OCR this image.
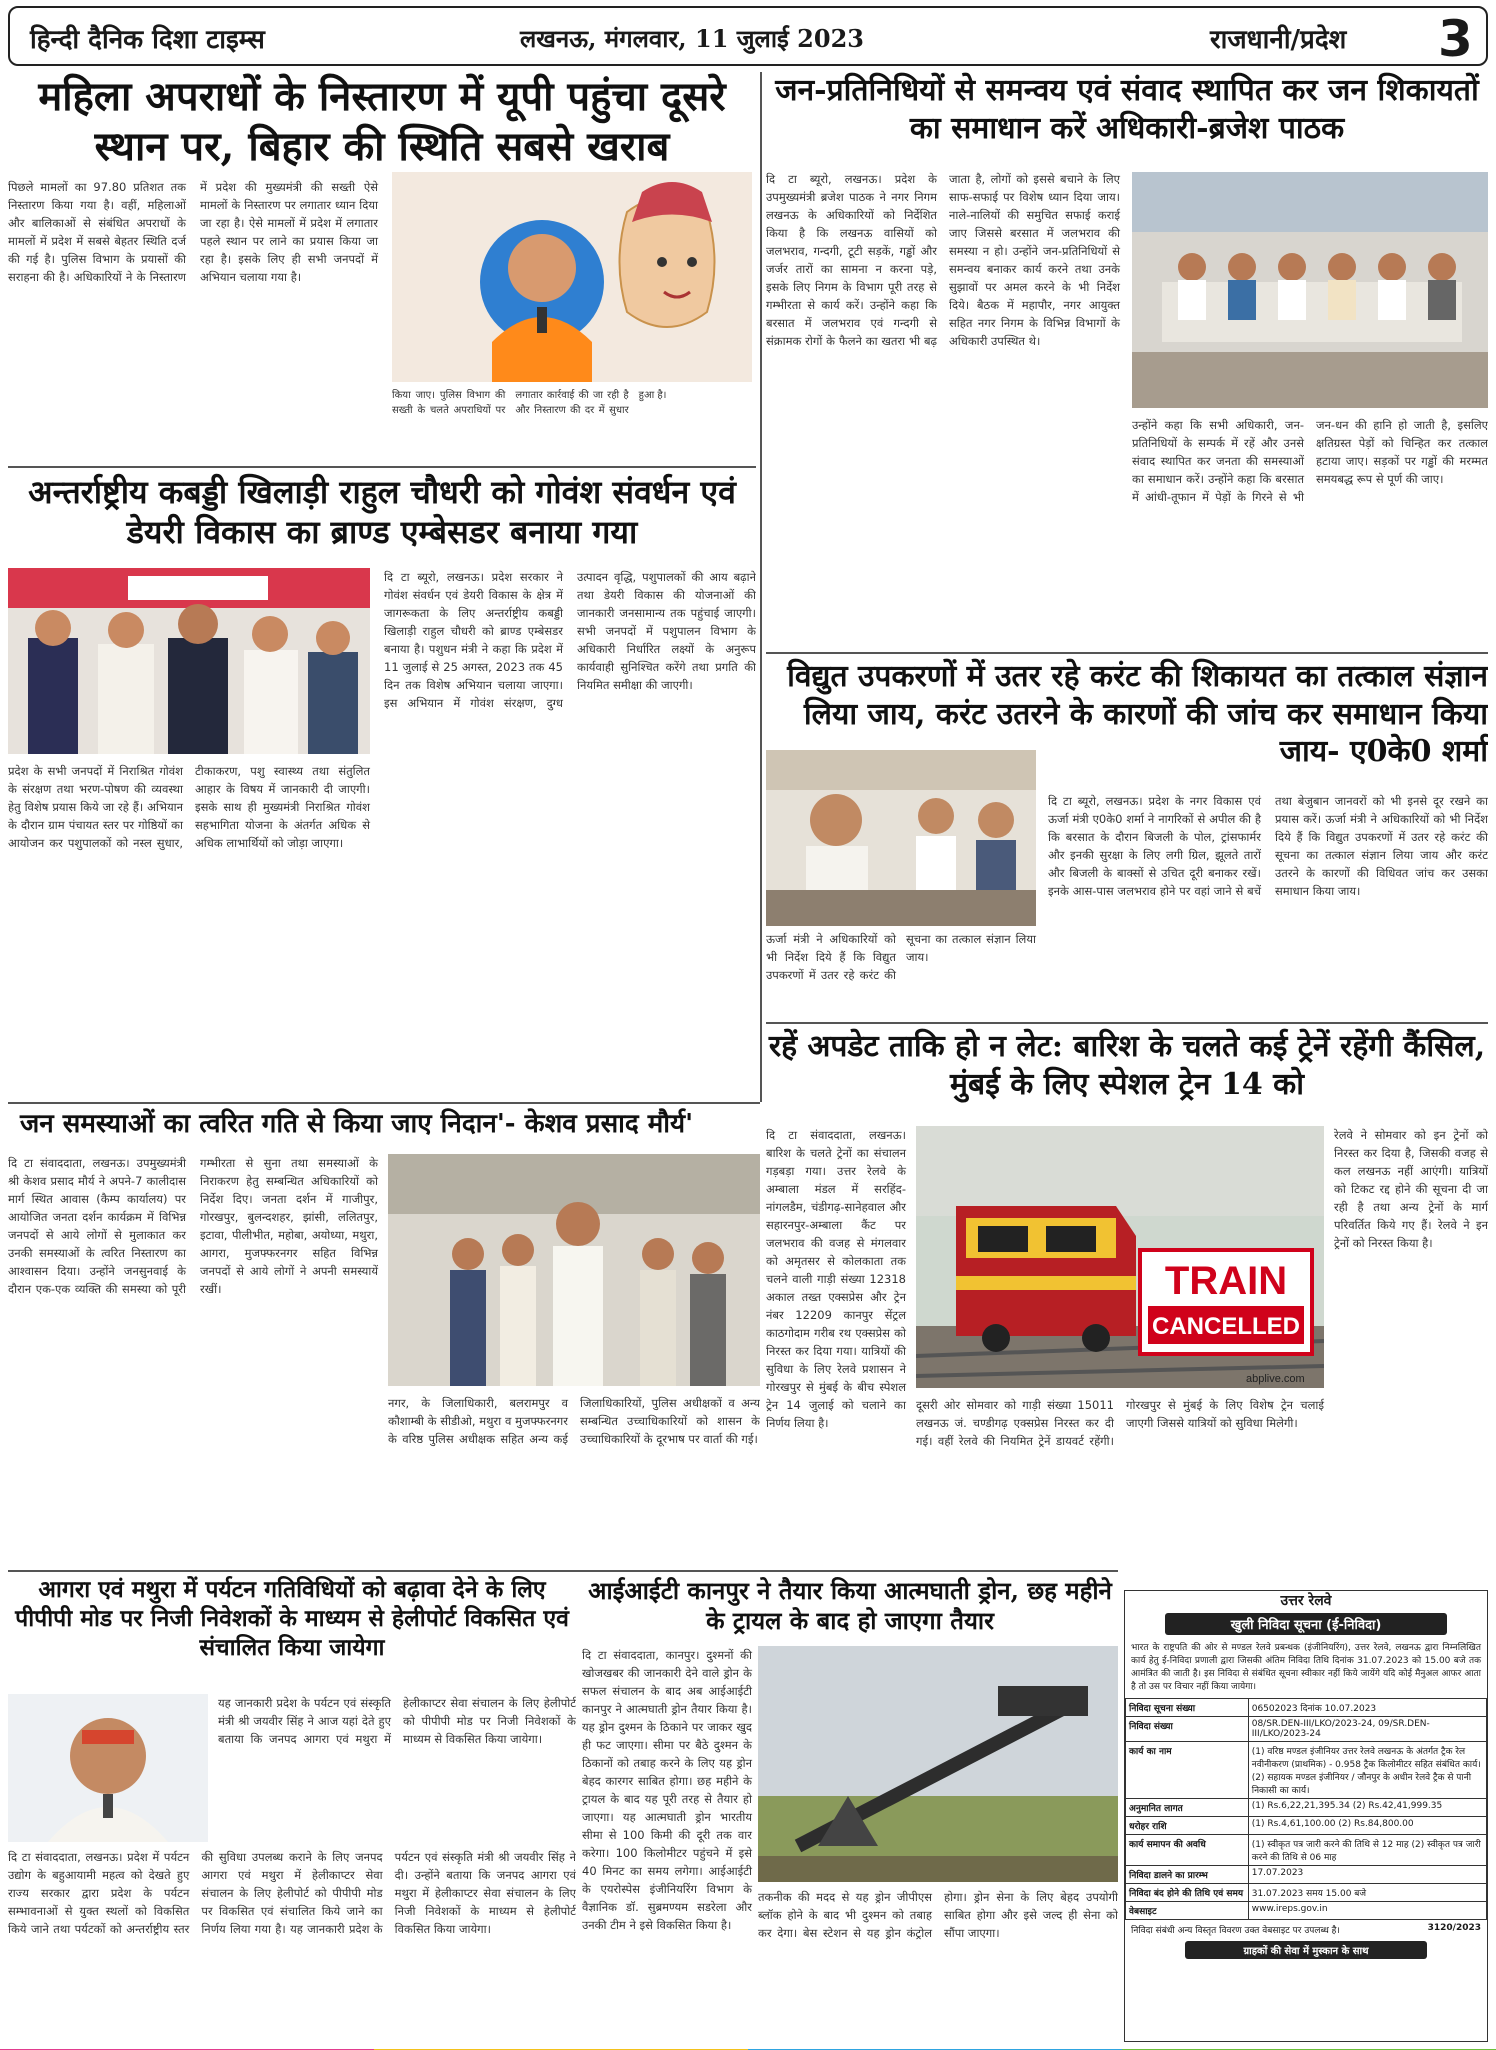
हिन्दी दैनिक दिशा टाइम्स	लखनऊ, मंगलवार, 11 जुलाई 2023	राजधानी/प्रदेश 3
महिला अपराधों के निस्तारण में यूपी पहुंचा दूसरे स्थान पर, बिहार की स्थिति सबसे खराब
पिछले मामलों का 97.80 प्रतिशत तक निस्तारण किया गया है। वहीं, महिलाओं और बालिकाओं से संबंधित अपराधों के मामलों में प्रदेश में सबसे बेहतर स्थिति दर्ज की गई है। पुलिस विभाग के प्रयासों की सराहना की है। अधिकारियों ने के निस्तारण में प्रदेश की मुख्यमंत्री की सख्ती ऐसे मामलों के निस्तारण पर लगातार ध्यान दिया जा रहा है। ऐसे मामलों में प्रदेश में लगातार पहले स्थान पर लाने का प्रयास किया जा रहा है। इसके लिए ही सभी जनपदों में अभियान चलाया गया है।
किया जाए। पुलिस विभाग की सख्ती के चलते अपराधियों पर लगातार कार्रवाई की जा रही है और निस्तारण की दर में सुधार हुआ है।
अन्तर्राष्ट्रीय कबड्डी खिलाड़ी राहुल चौधरी को गोवंश संवर्धन एवं डेयरी विकास का ब्राण्ड एम्बेसडर बनाया गया
दि टा ब्यूरो, लखनऊ। प्रदेश सरकार ने गोवंश संवर्धन एवं डेयरी विकास के क्षेत्र में जागरूकता के लिए अन्तर्राष्ट्रीय कबड्डी खिलाड़ी राहुल चौधरी को ब्राण्ड एम्बेसडर बनाया है। पशुधन मंत्री ने कहा कि प्रदेश में 11 जुलाई से 25 अगस्त, 2023 तक 45 दिन तक विशेष अभियान चलाया जाएगा। इस अभियान में गोवंश संरक्षण, दुग्ध उत्पादन वृद्धि, पशुपालकों की आय बढ़ाने तथा डेयरी विकास की योजनाओं की जानकारी जनसामान्य तक पहुंचाई जाएगी। सभी जनपदों में पशुपालन विभाग के अधिकारी निर्धारित लक्ष्यों के अनुरूप कार्यवाही सुनिश्चित करेंगे तथा प्रगति की नियमित समीक्षा की जाएगी।
प्रदेश के सभी जनपदों में निराश्रित गोवंश के संरक्षण तथा भरण-पोषण की व्यवस्था हेतु विशेष प्रयास किये जा रहे हैं। अभियान के दौरान ग्राम पंचायत स्तर पर गोष्ठियों का आयोजन कर पशुपालकों को नस्ल सुधार, टीकाकरण, पशु स्वास्थ्य तथा संतुलित आहार के विषय में जानकारी दी जाएगी। इसके साथ ही मुख्यमंत्री निराश्रित गोवंश सहभागिता योजना के अंतर्गत अधिक से अधिक लाभार्थियों को जोड़ा जाएगा।
जन-प्रतिनिधियों से समन्वय एवं संवाद स्थापित कर जन शिकायतों का समाधान करें अधिकारी-ब्रजेश पाठक
दि टा ब्यूरो, लखनऊ। प्रदेश के उपमुख्यमंत्री ब्रजेश पाठक ने नगर निगम लखनऊ के अधिकारियों को निर्देशित किया है कि लखनऊ वासियों को जलभराव, गन्दगी, टूटी सड़कें, गड्ढों और जर्जर तारों का सामना न करना पड़े, इसके लिए निगम के विभाग पूरी तरह से गम्भीरता से कार्य करें। उन्होंने कहा कि बरसात में जलभराव एवं गन्दगी से संक्रामक रोगों के फैलने का खतरा भी बढ़ जाता है, लोगों को इससे बचाने के लिए साफ-सफाई पर विशेष ध्यान दिया जाय। नाले-नालियों की समुचित सफाई कराई जाए जिससे बरसात में जलभराव की समस्या न हो। उन्होंने जन-प्रतिनिधियों से समन्वय बनाकर कार्य करने तथा उनके सुझावों पर अमल करने के भी निर्देश दिये। बैठक में महापौर, नगर आयुक्त सहित नगर निगम के विभिन्न विभागों के अधिकारी उपस्थित थे।
उन्होंने कहा कि सभी अधिकारी, जन-प्रतिनिधियों के सम्पर्क में रहें और उनसे संवाद स्थापित कर जनता की समस्याओं का समाधान करें। उन्होंने कहा कि बरसात में आंधी-तूफान में पेड़ों के गिरने से भी जन-धन की हानि हो जाती है, इसलिए क्षतिग्रस्त पेड़ों को चिन्हित कर तत्काल हटाया जाए। सड़कों पर गड्ढों की मरम्मत समयबद्ध रूप से पूर्ण की जाए।
विद्युत उपकरणों में उतर रहे करंट की शिकायत का तत्काल संज्ञान लिया जाय, करंट उतरने के कारणों की जांच कर समाधान किया जाय- ए0के0 शर्मा
दि टा ब्यूरो, लखनऊ। प्रदेश के नगर विकास एवं ऊर्जा मंत्री ए0के0 शर्मा ने नागरिकों से अपील की है कि बरसात के दौरान बिजली के पोल, ट्रांसफार्मर और इनकी सुरक्षा के लिए लगी ग्रिल, झूलते तारों और बिजली के बाक्सों से उचित दूरी बनाकर रखें। इनके आस-पास जलभराव होने पर वहां जाने से बचें तथा बेजुबान जानवरों को भी इनसे दूर रखने का प्रयास करें। ऊर्जा मंत्री ने अधिकारियों को भी निर्देश दिये हैं कि विद्युत उपकरणों में उतर रहे करंट की सूचना का तत्काल संज्ञान लिया जाय और करंट उतरने के कारणों की विधिवत जांच कर उसका समाधान किया जाय।
ऊर्जा मंत्री ने अधिकारियों को भी निर्देश दिये हैं कि विद्युत उपकरणों में उतर रहे करंट की सूचना का तत्काल संज्ञान लिया जाय।
रहें अपडेट ताकि हो न लेट: बारिश के चलते कई ट्रेनें रहेंगी कैंसिल, मुंबई के लिए स्पेशल ट्रेन 14 को
दि टा संवाददाता, लखनऊ। बारिश के चलते ट्रेनों का संचालन गड़बड़ा गया। उत्तर रेलवे के अम्बाला मंडल में सरहिंद-नांगलडैम, चंडीगढ़-सानेहवाल और सहारनपुर-अम्बाला कैंट पर जलभराव की वजह से मंगलवार को अमृतसर से कोलकाता तक चलने वाली गाड़ी संख्या 12318 अकाल तख्त एक्सप्रेस और ट्रेन नंबर 12209 कानपुर सेंट्रल काठगोदाम गरीब रथ एक्सप्रेस को निरस्त कर दिया गया। यात्रियों की सुविधा के लिए रेलवे प्रशासन ने गोरखपुर से मुंबई के बीच स्पेशल ट्रेन 14 जुलाई को चलाने का निर्णय लिया है।
TRAIN
CANCELLED
abplive.com
रेलवे ने सोमवार को इन ट्रेनों को निरस्त कर दिया है, जिसकी वजह से कल लखनऊ नहीं आएंगी। यात्रियों को टिकट रद्द होने की सूचना दी जा रही है तथा अन्य ट्रेनों के मार्ग परिवर्तित किये गए हैं। रेलवे ने इन ट्रेनों को निरस्त किया है।
दूसरी ओर सोमवार को गाड़ी संख्या 15011 लखनऊ जं. चण्डीगढ़ एक्सप्रेस निरस्त कर दी गई। वहीं रेलवे की नियमित ट्रेनें डायवर्ट रहेंगी। गोरखपुर से मुंबई के लिए विशेष ट्रेन चलाई जाएगी जिससे यात्रियों को सुविधा मिलेगी।
जन समस्याओं का त्वरित गति से किया जाए निदान'- केशव प्रसाद मौर्य'
दि टा संवाददाता, लखनऊ। उपमुख्यमंत्री श्री केशव प्रसाद मौर्य ने अपने-7 कालीदास मार्ग स्थित आवास (कैम्प कार्यालय) पर आयोजित जनता दर्शन कार्यक्रम में विभिन्न जनपदों से आये लोगों से मुलाकात कर उनकी समस्याओं के त्वरित निस्तारण का आश्वासन दिया। उन्होंने जनसुनवाई के दौरान एक-एक व्यक्ति की समस्या को पूरी गम्भीरता से सुना तथा समस्याओं के निराकरण हेतु सम्बन्धित अधिकारियों को निर्देश दिए। जनता दर्शन में गाजीपुर, गोरखपुर, बुलन्दशहर, झांसी, ललितपुर, इटावा, पीलीभीत, महोबा, अयोध्या, मथुरा, आगरा, मुजफ्फरनगर सहित विभिन्न जनपदों से आये लोगों ने अपनी समस्यायें रखीं।
नगर, के जिलाधिकारी, बलरामपुर व कौशाम्बी के सीडीओ, मथुरा व मुजफ्फरनगर के वरिष्ठ पुलिस अधीक्षक सहित अन्य कई जिलाधिकारियों, पुलिस अधीक्षकों व अन्य सम्बन्धित उच्चाधिकारियों को शासन के उच्चाधिकारियों के दूरभाष पर वार्ता की गई।
आगरा एवं मथुरा में पर्यटन गतिविधियों को बढ़ावा देने के लिए पीपीपी मोड पर निजी निवेशकों के माध्यम से हेलीपोर्ट विकसित एवं संचालित किया जायेगा
दि टा संवाददाता, लखनऊ। प्रदेश में पर्यटन उद्योग के बहुआयामी महत्व को देखते हुए राज्य सरकार द्वारा प्रदेश के पर्यटन सम्भावनाओं से युक्त स्थलों को विकसित किये जाने तथा पर्यटकों को अन्तर्राष्ट्रीय स्तर की सुविधा उपलब्ध कराने के लिए जनपद आगरा एवं मथुरा में हेलीकाप्टर सेवा संचालन के लिए हेलीपोर्ट को पीपीपी मोड पर विकसित एवं संचालित किये जाने का निर्णय लिया गया है। यह जानकारी प्रदेश के पर्यटन एवं संस्कृति मंत्री श्री जयवीर सिंह ने दी। उन्होंने बताया कि जनपद आगरा एवं मथुरा में हेलीकाप्टर सेवा संचालन के लिए निजी निवेशकों के माध्यम से हेलीपोर्ट विकसित किया जायेगा।
यह जानकारी प्रदेश के पर्यटन एवं संस्कृति मंत्री श्री जयवीर सिंह ने आज यहां देते हुए बताया कि जनपद आगरा एवं मथुरा में हेलीकाप्टर सेवा संचालन के लिए हेलीपोर्ट को पीपीपी मोड पर निजी निवेशकों के माध्यम से विकसित किया जायेगा।
आईआईटी कानपुर ने तैयार किया आत्मघाती ड्रोन, छह महीने के ट्रायल के बाद हो जाएगा तैयार
दि टा संवाददाता, कानपुर। दुश्मनों की खोजखबर की जानकारी देने वाले ड्रोन के सफल संचालन के बाद अब आईआईटी कानपुर ने आत्मघाती ड्रोन तैयार किया है। यह ड्रोन दुश्मन के ठिकाने पर जाकर खुद ही फट जाएगा। सीमा पर बैठे दुश्मन के ठिकानों को तबाह करने के लिए यह ड्रोन बेहद कारगर साबित होगा। छह महीने के ट्रायल के बाद यह पूरी तरह से तैयार हो जाएगा। यह आत्मघाती ड्रोन भारतीय सीमा से 100 किमी की दूरी तक वार करेगा। 100 किलोमीटर पहुंचने में इसे 40 मिनट का समय लगेगा। आईआईटी के एयरोस्पेस इंजीनियरिंग विभाग के वैज्ञानिक डॉ. सुब्रमण्यम सडरेला और उनकी टीम ने इसे विकसित किया है।
तकनीक की मदद से यह ड्रोन जीपीएस ब्लॉक होने के बाद भी दुश्मन को तबाह कर देगा। बेस स्टेशन से यह ड्रोन कंट्रोल होगा। ड्रोन सेना के लिए बेहद उपयोगी साबित होगा और इसे जल्द ही सेना को सौंपा जाएगा।
उत्तर रेलवे
खुली निविदा सूचना (ई-निविदा)
भारत के राष्ट्रपति की ओर से मण्डल रेलवे प्रबन्धक (इंजीनियरिंग), उत्तर रेलवे, लखनऊ द्वारा निम्नलिखित कार्य हेतु ई-निविदा प्रणाली द्वारा जिसकी अंतिम निविदा तिथि दिनांक 31.07.2023 को 15.00 बजे तक आमंत्रित की जाती है। इस निविदा से संबंधित सूचना स्वीकार नहीं किये जायेंगे यदि कोई मैनुअल आफर आता है तो उस पर विचार नहीं किया जायेगा।
निविदा सूचना संख्या	06502023 दिनांक 10.07.2023
निविदा संख्या	08/SR.DEN-III/LKO/2023-24, 09/SR.DEN-III/LKO/2023-24
कार्य का नाम	(1) वरिष्ठ मण्डल इंजीनियर उत्तर रेलवे लखनऊ के अंतर्गत ट्रैक रेल नवीनीकरण (प्राथमिक) - 0.958 ट्रैक किलोमीटर सहित संबंधित कार्य। (2) सहायक मण्डल इंजीनियर / जौनपुर के अधीन रेलवे ट्रैक से पानी निकासी का कार्य।
अनुमानित लागत	(1) Rs.6,22,21,395.34 (2) Rs.42,41,999.35
धरोहर राशि	(1) Rs.4,61,100.00 (2) Rs.84,800.00
कार्य समापन की अवधि	(1) स्वीकृत पत्र जारी करने की तिथि से 12 माह (2) स्वीकृत पत्र जारी करने की तिथि से 06 माह
निविदा डालने का प्रारम्भ	17.07.2023
निविदा बंद होने की तिथि एवं समय	31.07.2023 समय 15.00 बजे
वेबसाइट	www.ireps.gov.in
निविदा संबंधी अन्य विस्तृत विवरण उक्त वेबसाइट पर उपलब्ध है।	3120/2023
ग्राहकों की सेवा में मुस्कान के साथ
